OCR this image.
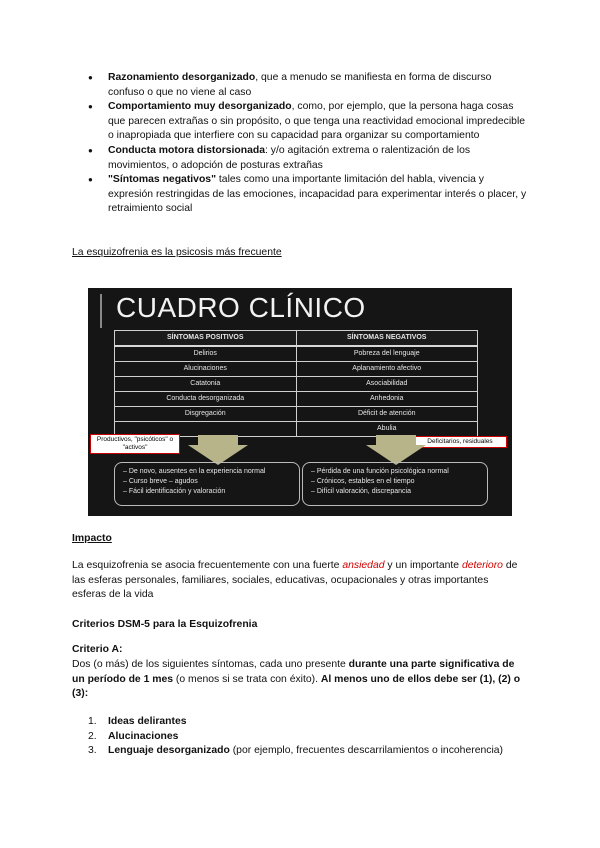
● Razonamiento desorganizado, que a menudo se manifiesta en forma de discurso confuso o que no viene al caso
● Comportamiento muy desorganizado, como, por ejemplo, que la persona haga cosas que parecen extrañas o sin propósito, o que tenga una reactividad emocional impredecible o inapropiada que interfiere con su capacidad para organizar su comportamiento
● Conducta motora distorsionada: y/o agitación extrema o ralentización de los movimientos, o adopción de posturas extrañas
● "Síntomas negativos" tales como una importante limitación del habla, vivencia y expresión restringidas de las emociones, incapacidad para experimentar interés o placer, y retraimiento social
La esquizofrenia es la psicosis más frecuente
CUADRO CLÍNICO
SÍNTOMAS POSITIVOS	SÍNTOMAS NEGATIVOS
Delirios	Pobreza del lenguaje
Alucinaciones	Aplanamiento afectivo
Catatonia	Asociabilidad
Conducta desorganizada	Anhedonia
Disgregación	Déficit de atención
	Abulia
Productivos, "psicóticos" o "activos"
Deficitarios, residuales
– De novo, ausentes en la experiencia normal
– Curso breve – agudos
– Fácil identificación y valoración
– Pérdida de una función psicológica normal
– Crónicos, estables en el tiempo
– Difícil valoración, discrepancia
Impacto
La esquizofrenia se asocia frecuentemente con una fuerte ansiedad y un importante deterioro de las esferas personales, familiares, sociales, educativas, ocupacionales y otras importantes esferas de la vida
Criterios DSM-5 para la Esquizofrenia
Criterio A:
Dos (o más) de los siguientes síntomas, cada uno presente durante una parte significativa de un período de 1 mes (o menos si se trata con éxito). Al menos uno de ellos debe ser (1), (2) o (3):
1. Ideas delirantes
2. Alucinaciones
3. Lenguaje desorganizado (por ejemplo, frecuentes descarrilamientos o incoherencia)
